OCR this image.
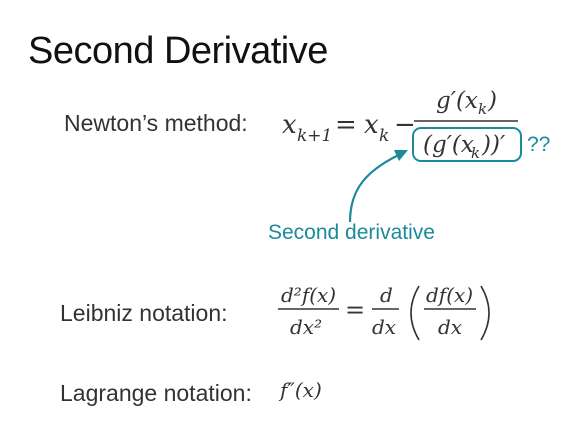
Second Derivative
Newton’s method:
Leibniz notation:
Lagrange notation:
x k+1 = x k −
g′(x k )
(g′(x
k ))′ ??
Second derivative
d²f(x)
dx²
=
d
dx
df(x)
dx
f″(x)
